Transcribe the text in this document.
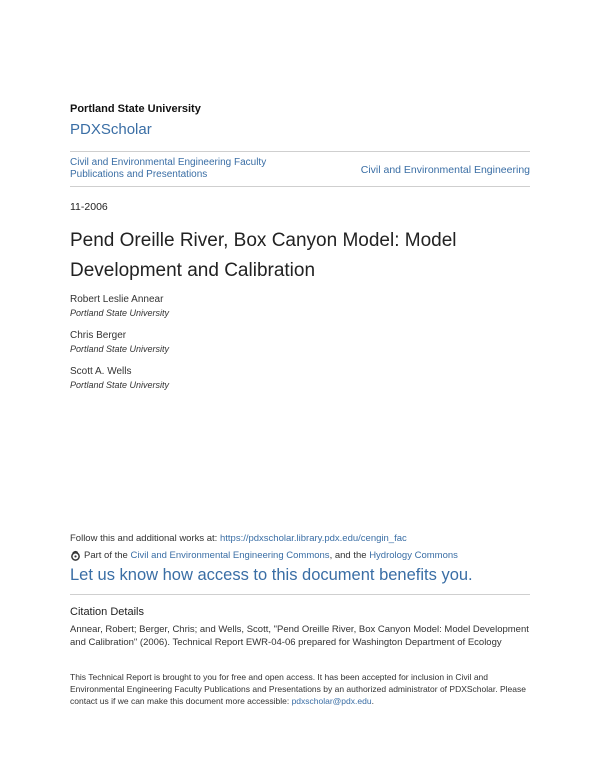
Portland State University
PDXScholar
Civil and Environmental Engineering Faculty Publications and Presentations	Civil and Environmental Engineering
11-2006
Pend Oreille River, Box Canyon Model: Model Development and Calibration
Robert Leslie Annear
Portland State University
Chris Berger
Portland State University
Scott A. Wells
Portland State University
Follow this and additional works at: https://pdxscholar.library.pdx.edu/cengin_fac
Part of the
Civil and Environmental Engineering Commons , and the
Hydrology Commons
Let us know how access to this document benefits you.
Citation Details
Annear, Robert; Berger, Chris; and Wells, Scott, "Pend Oreille River, Box Canyon Model: Model Development and Calibration" (2006). Technical Report EWR-04-06 prepared for Washington Department of Ecology
This Technical Report is brought to you for free and open access. It has been accepted for inclusion in Civil and Environmental Engineering Faculty Publications and Presentations by an authorized administrator of PDXScholar. Please contact us if we can make this document more accessible: pdxscholar@pdx.edu.
